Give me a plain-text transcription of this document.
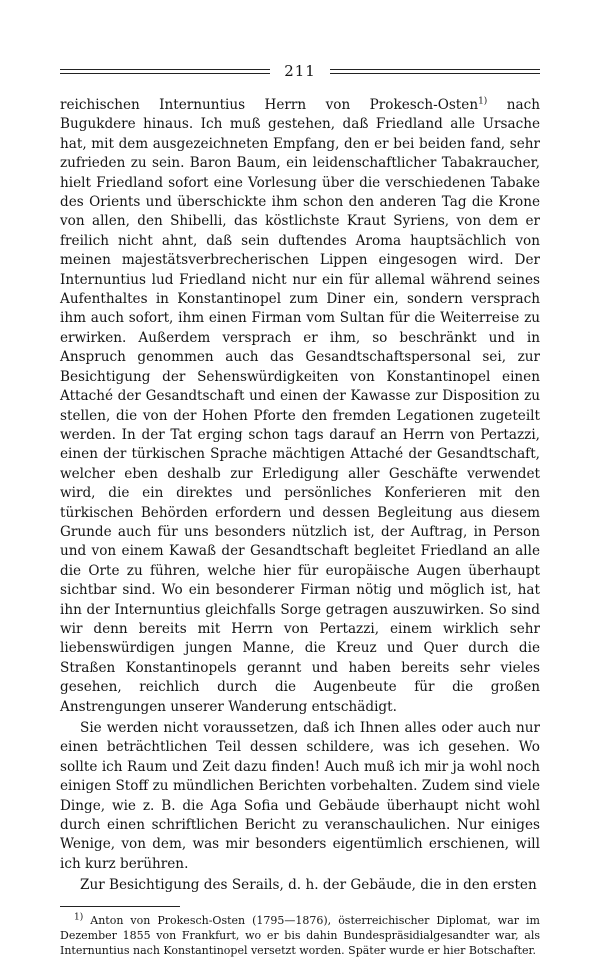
211

reichischen Internuntius Herrn von Prokesch-Osten$^{1)}$ nach Bugukdere hinaus. Ich muß gestehen, daß Friedland alle Ursache hat, mit dem ausgezeichneten Empfang, den er bei beiden fand, sehr zufrieden zu sein. Baron Baum, ein leidenschaftlicher Tabakraucher, hielt Friedland sofort eine Vorlesung über die verschiedenen Tabake des Orients und überschickte ihm schon den anderen Tag die Krone von allen, den Shibelli, das köstlichste Kraut Syriens, von dem er freilich nicht ahnt, daß sein duftendes Aroma hauptsächlich von meinen majestätsverbrecherischen Lippen eingesogen wird. Der Internuntius lud Friedland nicht nur ein für allemal während seines Aufenthaltes in Konstantinopel zum Diner ein, sondern versprach ihm auch sofort, ihm einen Firman vom Sultan für die Weiterreise zu erwirken. Außerdem versprach er ihm, so beschränkt und in Anspruch genommen auch das Gesandtschaftspersonal sei, zur Besichtigung der Sehenswürdigkeiten von Konstantinopel einen Attaché der Gesandtschaft und einen der Kawasse zur Disposition zu stellen, die von der Hohen Pforte den fremden Legationen zugeteilt werden. In der Tat erging schon tags darauf an Herrn von Pertazzi, einen der türkischen Sprache mächtigen Attaché der Gesandtschaft, welcher eben deshalb zur Erledigung aller Geschäfte verwendet wird, die ein direktes und persönliches Konferieren mit den türkischen Behörden erfordern und dessen Begleitung aus diesem Grunde auch für uns besonders nützlich ist, der Auftrag, in Person und von einem Kawaß der Gesandtschaft begleitet Friedland an alle die Orte zu führen, welche hier für europäische Augen überhaupt sichtbar sind. Wo ein besonderer Firman nötig und möglich ist, hat ihn der Internuntius gleichfalls Sorge getragen auszuwirken. So sind wir denn bereits mit Herrn von Pertazzi, einem wirklich sehr liebenswürdigen jungen Manne, die Kreuz und Quer durch die Straßen Konstantinopels gerannt und haben bereits sehr vieles gesehen, reichlich durch die Augenbeute für die großen Anstrengungen unserer Wanderung entschädigt.

Sie werden nicht voraussetzen, daß ich Ihnen alles oder auch nur einen beträchtlichen Teil dessen schildere, was ich gesehen. Wo sollte ich Raum und Zeit dazu finden! Auch muß ich mir ja wohl noch einigen Stoff zu mündlichen Berichten vorbehalten. Zudem sind viele Dinge, wie z. B. die Aga Sofia und Gebäude überhaupt nicht wohl durch einen schriftlichen Bericht zu veranschaulichen. Nur einiges Wenige, von dem, was mir besonders eigentümlich erschienen, will ich kurz berühren.

Zur Besichtigung des Serails, d. h. der Gebäude, die in den ersten

$^{1)}$ Anton von Prokesch-Osten (1795—1876), österreichischer Diplomat, war im Dezember 1855 von Frankfurt, wo er bis dahin Bundespräsidialgesandter war, als Internuntius nach Konstantinopel versetzt worden. Später wurde er hier Botschafter.
